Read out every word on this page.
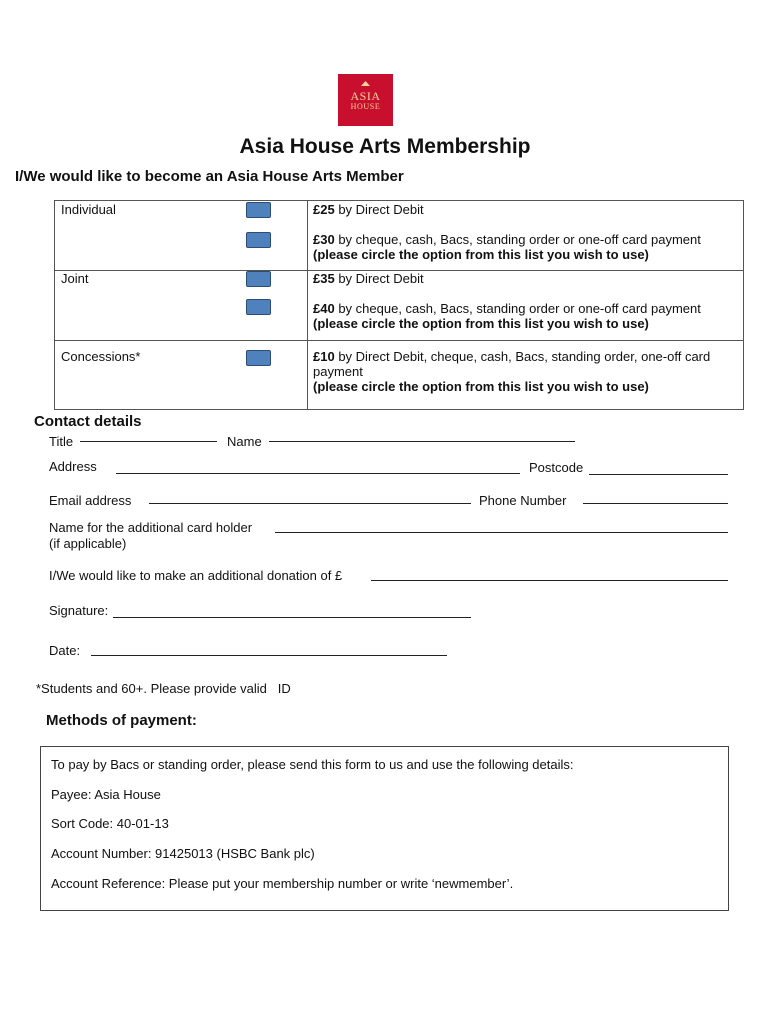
ASIA
HOUSE
Asia House Arts Membership
I/We would like to become an Asia House Arts Member
Individual	£25 by Direct Debit
£30 by cheque, cash, Bacs, standing order or one-off card payment
(please circle the option from this list you wish to use)
Joint	£35 by Direct Debit
£40 by cheque, cash, Bacs, standing order or one-off card payment
(please circle the option from this list you wish to use)
Concessions*	£10 by Direct Debit, cheque, cash, Bacs, standing order, one-off card payment
(please circle the option from this list you wish to use)
Contact details
Title	Name
Address	Postcode
Email address	Phone Number
Name for the additional card holder
(if applicable)
I/We would like to make an additional donation of £
Signature:
Date:
*Students and 60+. Please provide valid   ID
Methods of payment:
To pay by Bacs or standing order, please send this form to us and use the following details:
Payee: Asia House
Sort Code: 40-01-13
Account Number: 91425013 (HSBC Bank plc)
Account Reference: Please put your membership number or write ‘newmember’.
